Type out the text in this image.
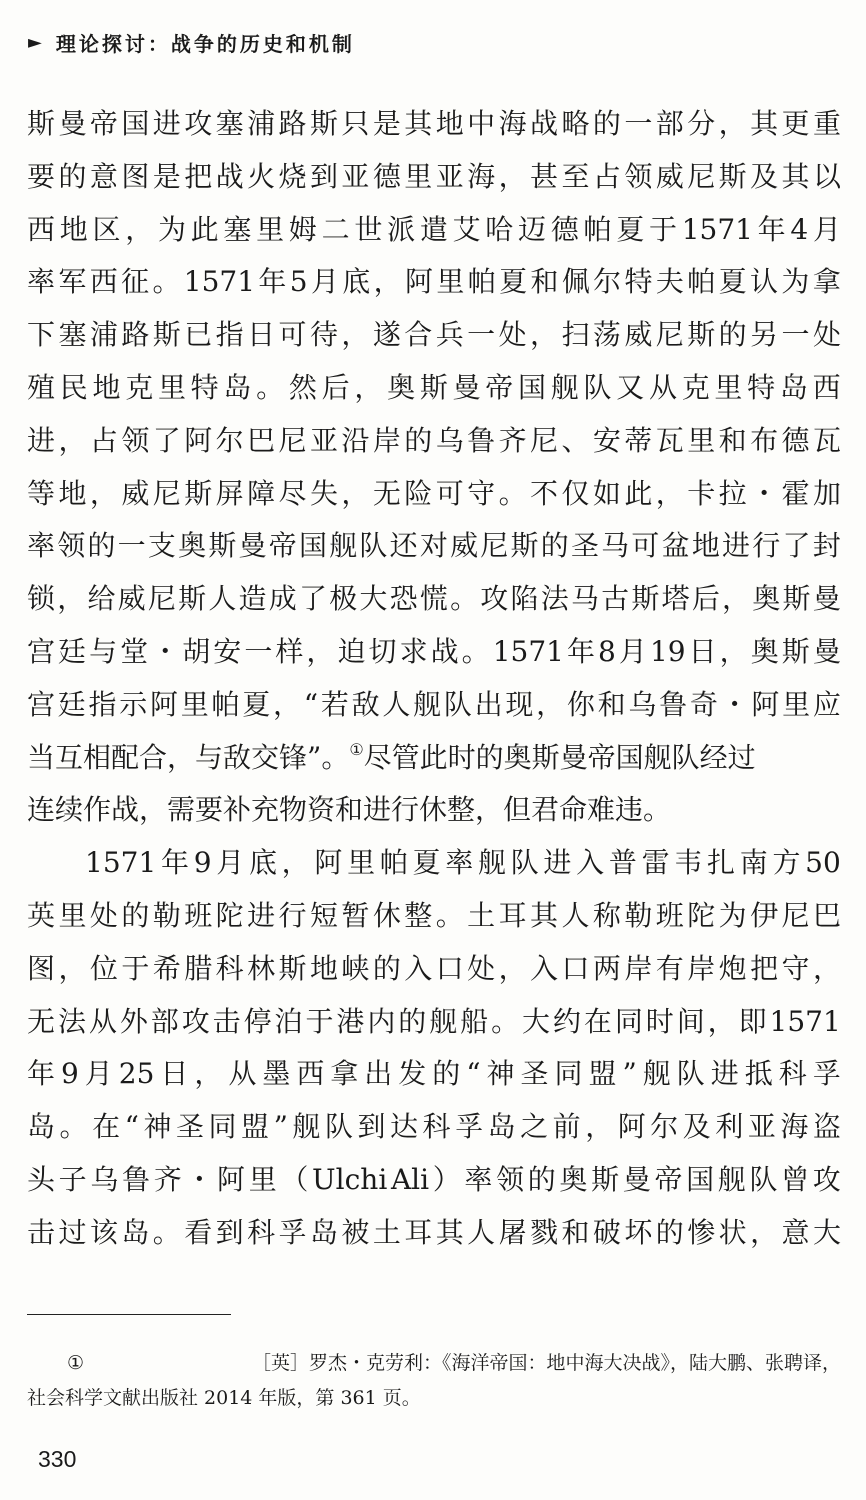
► 理论探讨：战争的历史和机制
斯 曼 帝 国 进 攻 塞 浦 路 斯 只 是 其 地 中 海 战 略 的 一 部 分 ， 其 更 重
要 的 意 图 是 把 战 火 烧 到 亚 德 里 亚 海 ， 甚 至 占 领 威 尼 斯 及 其 以
西 地 区 ， 为 此 塞 里 姆 二 世 派 遣 艾 哈 迈 德 帕 夏 于 1571 年 4 月
率 军 西 征 。 1571 年 5 月 底 ， 阿 里 帕 夏 和 佩 尔 特 夫 帕 夏 认 为 拿
下 塞 浦 路 斯 已 指 日 可 待 ， 遂 合 兵 一 处 ， 扫 荡 威 尼 斯 的 另 一 处
殖 民 地 克 里 特 岛 。 然 后 ， 奥 斯 曼 帝 国 舰 队 又 从 克 里 特 岛 西
进 ， 占 领 了 阿 尔 巴 尼 亚 沿 岸 的 乌 鲁 齐 尼 、 安 蒂 瓦 里 和 布 德 瓦
等 地 ， 威 尼 斯 屏 障 尽 失 ， 无 险 可 守 。 不 仅 如 此 ， 卡 拉 ・ 霍 加
率 领 的 一 支 奥 斯 曼 帝 国 舰 队 还 对 威 尼 斯 的 圣 马 可 盆 地 进 行 了 封
锁 ， 给 威 尼 斯 人 造 成 了 极 大 恐 慌 。 攻 陷 法 马 古 斯 塔 后 ， 奥 斯 曼
宫 廷 与 堂 ・ 胡 安 一 样 ， 迫 切 求 战 。 1571 年 8 月 19 日 ， 奥 斯 曼
宫 廷 指 示 阿 里 帕 夏 ， “ 若 敌 人 舰 队 出 现 ， 你 和 乌 鲁 奇 ・ 阿 里 应
当互相配合，与敌交锋”。①尽管此时的奥斯曼帝国舰队经过
连续作战，需要补充物资和进行休整，但君命难违。
1571 年 9 月 底 ， 阿 里 帕 夏 率 舰 队 进 入 普 雷 韦 扎 南 方 50
英 里 处 的 勒 班 陀 进 行 短 暂 休 整 。 土 耳 其 人 称 勒 班 陀 为 伊 尼 巴
图 ， 位 于 希 腊 科 林 斯 地 峡 的 入 口 处 ， 入 口 两 岸 有 岸 炮 把 守 ，
无 法 从 外 部 攻 击 停 泊 于 港 内 的 舰 船 。 大 约 在 同 时 间 ， 即 1571
年 9 月 25 日 ， 从 墨 西 拿 出 发 的 “ 神 圣 同 盟 ” 舰 队 进 抵 科 孚
岛 。 在 “ 神 圣 同 盟 ” 舰 队 到 达 科 孚 岛 之 前 ， 阿 尔 及 利 亚 海 盗
头 子 乌 鲁 齐 ・ 阿 里 （ Ulchi Ali ） 率 领 的 奥 斯 曼 帝 国 舰 队 曾 攻
击 过 该 岛 。 看 到 科 孚 岛 被 土 耳 其 人 屠 戮 和 破 坏 的 惨 状 ， 意 大
①	［英］罗杰・克劳利：《海洋帝国：地中海大决战》，陆大鹏、张聘译，
社会科学文献出版社 2014 年版，第 361 页。
330
